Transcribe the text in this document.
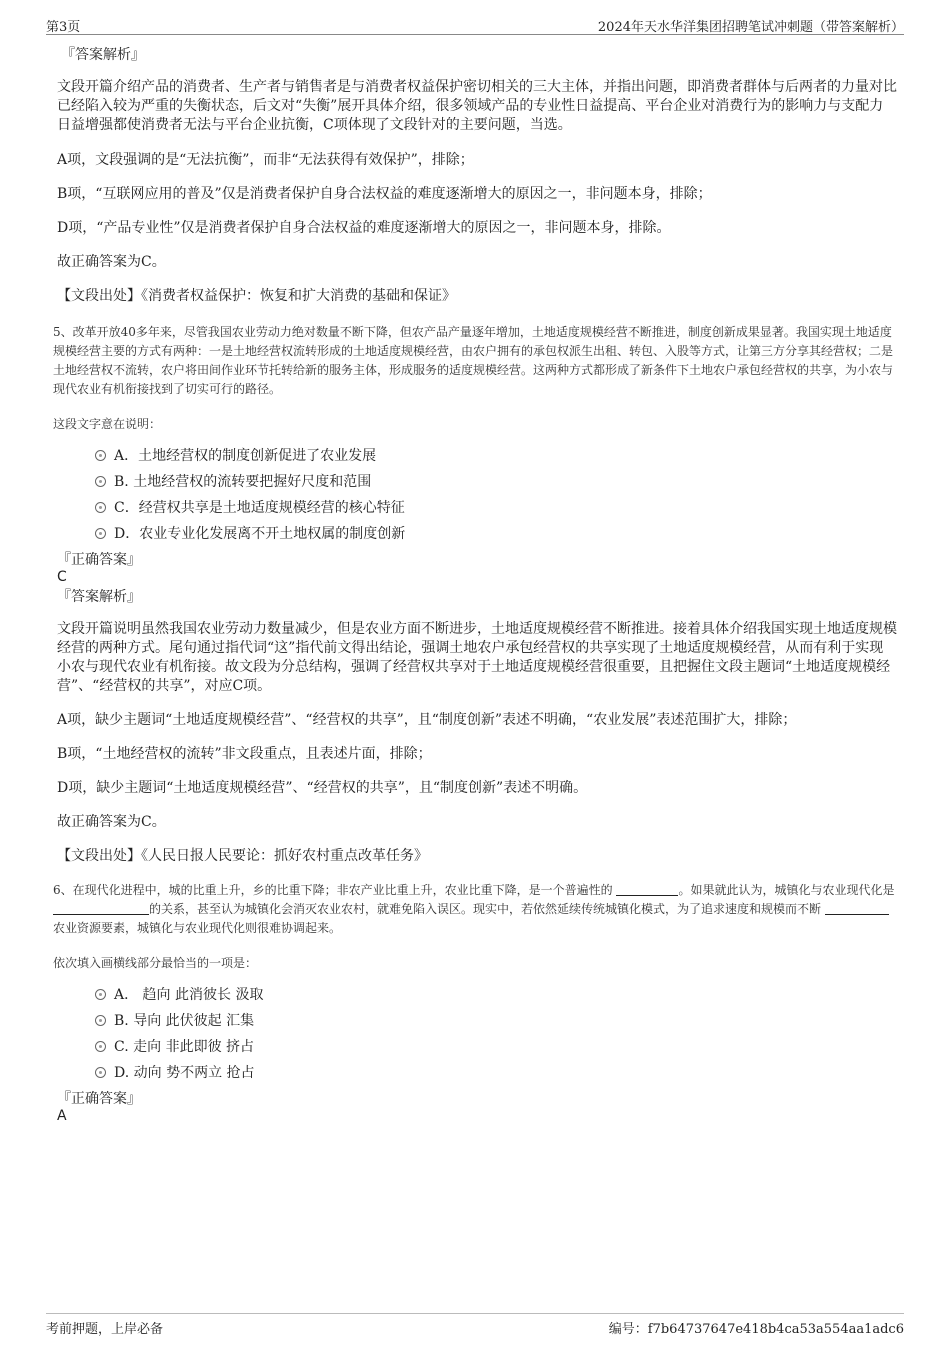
第3页	2024年天水华洋集团招聘笔试冲刺题（带答案解析）
『答案解析』

文段开篇介绍产品的消费者、生产者与销售者是与消费者权益保护密切相关的三大主体，并指出问题，即消费者群体与后两者的力量对比已经陷入较为严重的失衡状态，后文对“失衡”展开具体介绍，很多领域产品的专业性日益提高、平台企业对消费行为的影响力与支配力日益增强都使消费者无法与平台企业抗衡，C项体现了文段针对的主要问题，当选。

A项，文段强调的是“无法抗衡”，而非“无法获得有效保护”，排除；

B项，“互联网应用的普及”仅是消费者保护自身合法权益的难度逐渐增大的原因之一，非问题本身，排除；

D项，“产品专业性”仅是消费者保护自身合法权益的难度逐渐增大的原因之一，非问题本身，排除。

故正确答案为C。

【文段出处】《消费者权益保护：恢复和扩大消费的基础和保证》

5、改革开放40多年来，尽管我国农业劳动力绝对数量不断下降，但农产品产量逐年增加，土地适度规模经营不断推进，制度创新成果显著。我国实现土地适度规模经营主要的方式有两种：一是土地经营权流转形成的土地适度规模经营，由农户拥有的承包权派生出租、转包、入股等方式，让第三方分享其经营权；二是土地经营权不流转，农户将田间作业环节托转给新的服务主体，形成服务的适度规模经营。这两种方式都形成了新条件下土地农户承包经营权的共享，为小农与现代农业有机衔接找到了切实可行的路径。

这段文字意在说明：

A．土地经营权的制度创新促进了农业发展
B. 土地经营权的流转要把握好尺度和范围
C．经营权共享是土地适度规模经营的核心特征
D．农业专业化发展离不开土地权属的制度创新
『正确答案』
C
『答案解析』

文段开篇说明虽然我国农业劳动力数量减少，但是农业方面不断进步，土地适度规模经营不断推进。接着具体介绍我国实现土地适度规模经营的两种方式。尾句通过指代词“这”指代前文得出结论，强调土地农户承包经营权的共享实现了土地适度规模经营，从而有利于实现小农与现代农业有机衔接。故文段为分总结构，强调了经营权共享对于土地适度规模经营很重要，且把握住文段主题词“土地适度规模经营”、“经营权的共享”，对应C项。

A项，缺少主题词“土地适度规模经营”、“经营权的共享”，且“制度创新”表述不明确，“农业发展”表述范围扩大，排除；

B项，“土地经营权的流转”非文段重点，且表述片面，排除；

D项，缺少主题词“土地适度规模经营”、“经营权的共享”，且“制度创新”表述不明确。

故正确答案为C。

【文段出处】《人民日报人民要论：抓好农村重点改革任务》

6、在现代化进程中，城的比重上升，乡的比重下降；非农产业比重上升，农业比重下降，是一个普遍性的	。如果就此认为，城镇化与农业现代化是 的关系，甚至认为城镇化会消灭农业农村，就难免陷入误区。现实中，若依然延续传统城镇化模式，为了追求速度和规模而不断 农业资源要素，城镇化与农业现代化则很难协调起来。

依次填入画横线部分最恰当的一项是：

A． 趋向 此消彼长 汲取
B. 导向 此伏彼起 汇集
C. 走向 非此即彼 挤占
D. 动向 势不两立 抢占
『正确答案』
A
考前押题，上岸必备	编号：f7b64737647e418b4ca53a554aa1adc6
